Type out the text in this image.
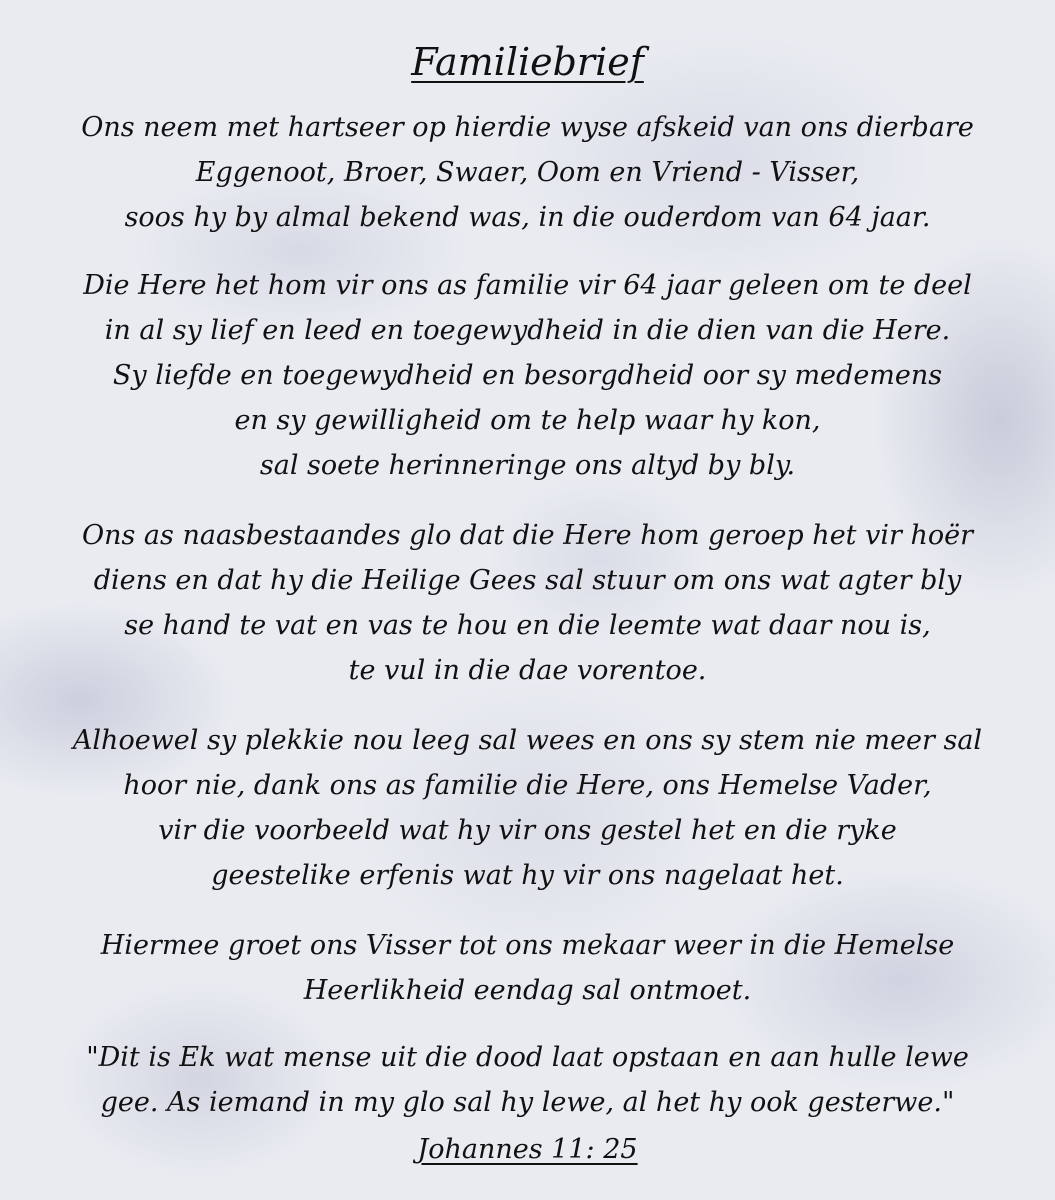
Familiebrief
Ons neem met hartseer op hierdie wyse afskeid van ons dierbare
Eggenoot, Broer, Swaer, Oom en Vriend - Visser,
soos hy by almal bekend was, in die ouderdom van 64 jaar.
Die Here het hom vir ons as familie vir 64 jaar geleen om te deel
in al sy lief en leed en toegewydheid in die dien van die Here.
Sy liefde en toegewydheid en besorgdheid oor sy medemens
en sy gewilligheid om te help waar hy kon,
sal soete herinneringe ons altyd by bly.
Ons as naasbestaandes glo dat die Here hom geroep het vir hoër
diens en dat hy die Heilige Gees sal stuur om ons wat agter bly
se hand te vat en vas te hou en die leemte wat daar nou is,
te vul in die dae vorentoe.
Alhoewel sy plekkie nou leeg sal wees en ons sy stem nie meer sal
hoor nie, dank ons as familie die Here, ons Hemelse Vader,
vir die voorbeeld wat hy vir ons gestel het en die ryke
geestelike erfenis wat hy vir ons nagelaat het.
Hiermee groet ons Visser tot ons mekaar weer in die Hemelse
Heerlikheid eendag sal ontmoet.
"Dit is Ek wat mense uit die dood laat opstaan en aan hulle lewe
gee. As iemand in my glo sal hy lewe, al het hy ook gesterwe."
Johannes 11: 25
